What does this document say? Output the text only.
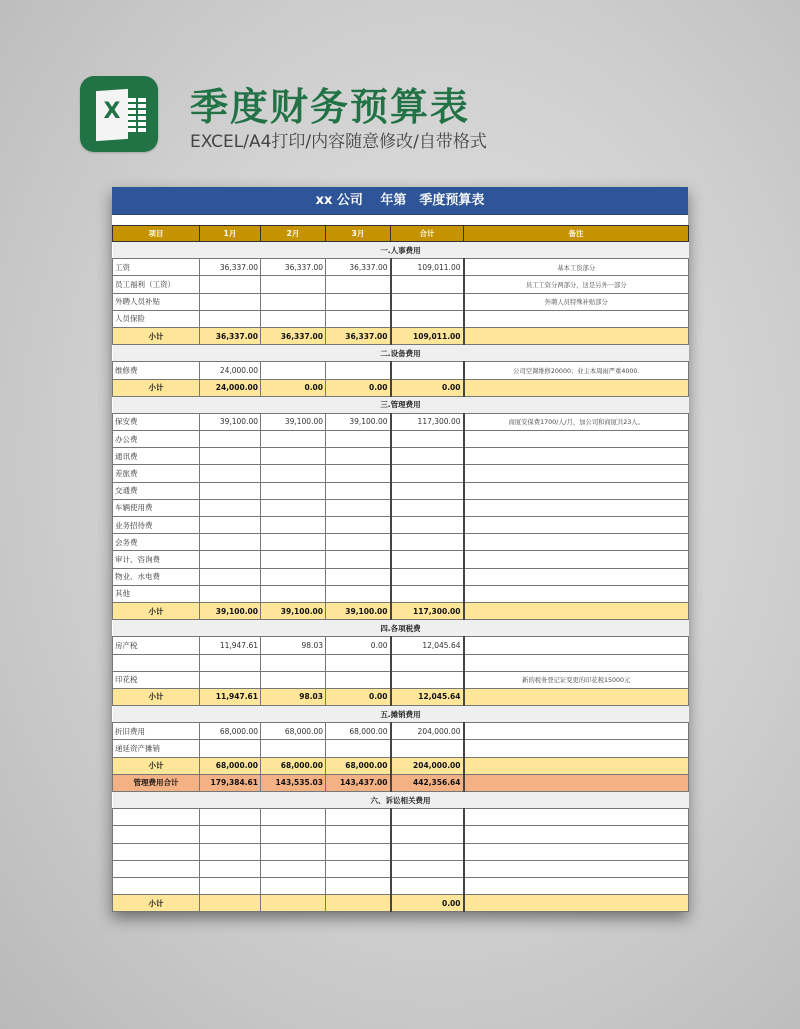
X 季度财务预算表
EXCEL/A4打印/内容随意修改/自带格式
xx 公司　 年第　季度预算表
项目	1月	2月	3月	合计	备注
一.人事费用					
工资	36,337.00	36,337.00	36,337.00	109,011.00	基本工资部分
员工福利（工资）					员工工资分两部分，这是另外一部分
外聘人员补贴					外聘人员特殊补贴部分
人员保险					
小计	36,337.00	36,337.00	36,337.00	109,011.00	
二.设备费用					
维修费	24,000.00				公司空调维修20000；业主本周雨严重4000.
小计	24,000.00	0.00	0.00	0.00	
三.管理费用					
保安费	39,100.00	39,100.00	39,100.00	117,300.00	商厦安保费1700/人/月，加公司和商厦共23人。
办公费					
通讯费					
差旅费					
交通费					
车辆使用费					
业务招待费					
会务费					
审计、咨询费					
物业、水电费					
其他					
小计	39,100.00	39,100.00	39,100.00	117,300.00	
四.各项税费					
房产税	11,947.61	98.03	0.00	12,045.64	

印花税					新的税务登记证变更的印花税15000元
小计	11,947.61	98.03	0.00	12,045.64	
五.摊销费用					
折旧费用	68,000.00	68,000.00	68,000.00	204,000.00	
递延资产摊销					
小计	68,000.00	68,000.00	68,000.00	204,000.00	
管理费用合计	179,384.61	143,535.03	143,437.00	442,356.64	
六、诉讼相关费用					

小计				0.00	
